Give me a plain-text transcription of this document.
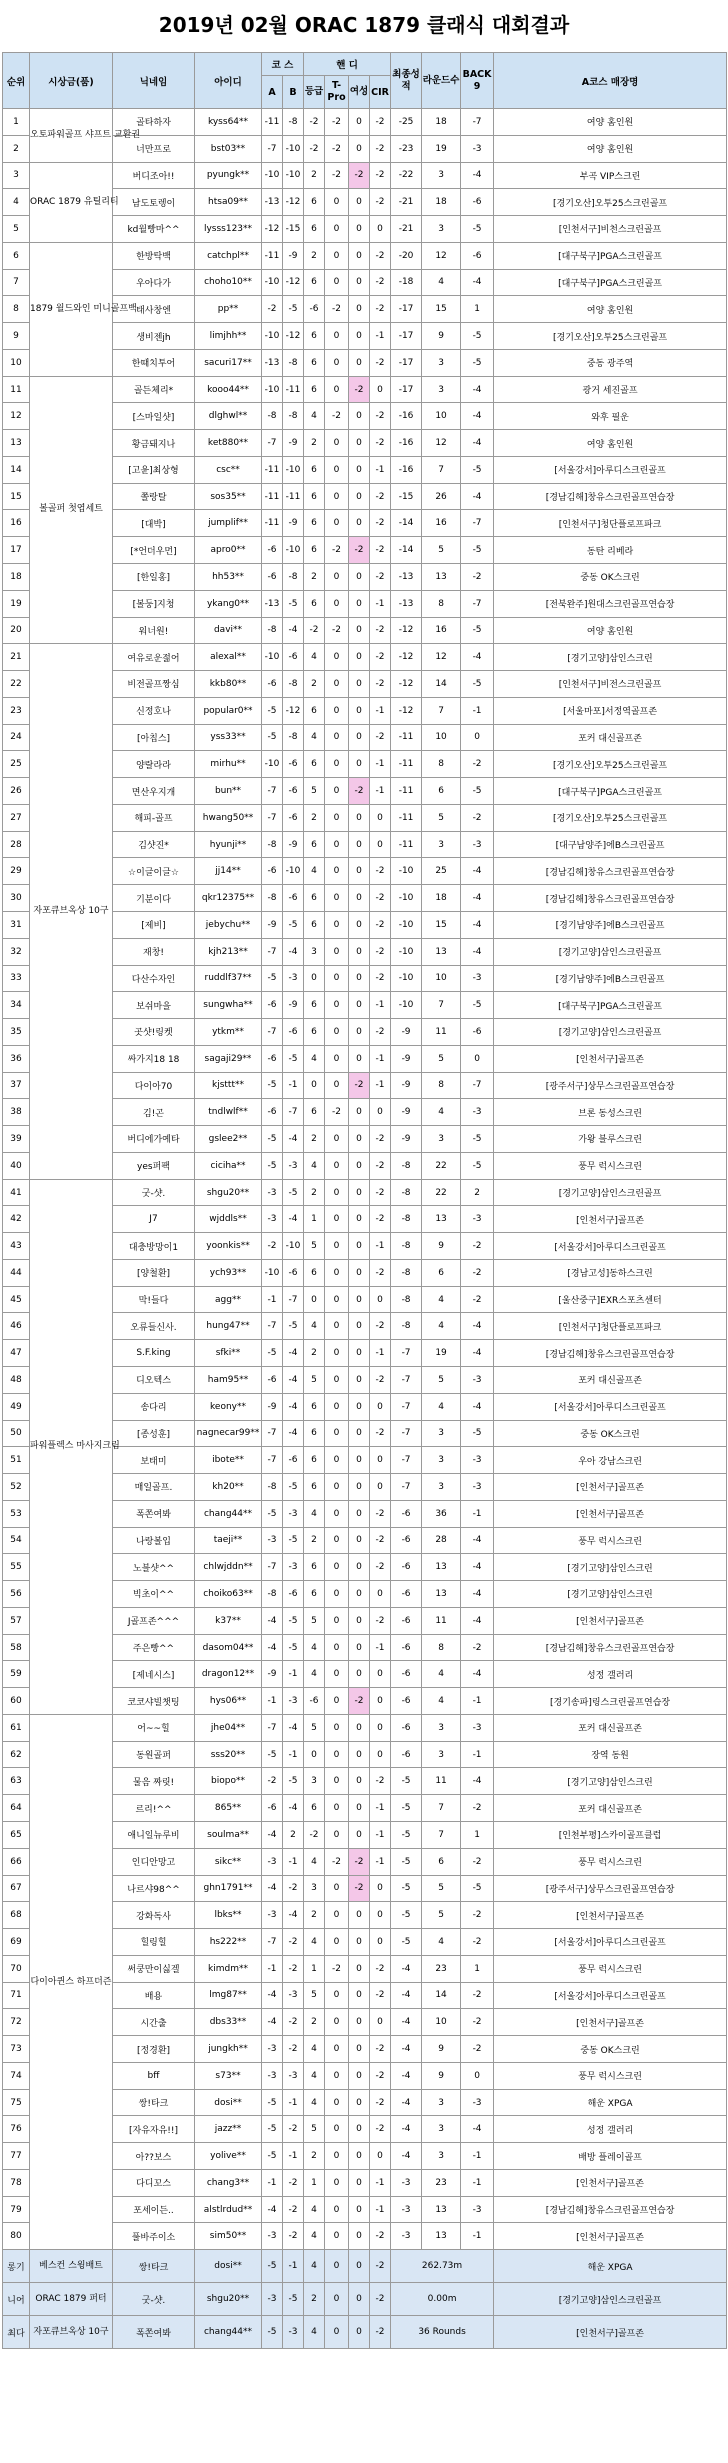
2019년 02월 ORAC 1879 클래식 대회결과
순위	시상금(품)	닉네임	아이디	코 스		핸 디				최종성적	라운드수	BACK 9	A코스 매장명
				A	B	등급	T-Pro	여성	CIR				
1	오토파워골프 샤프트 교환권	골타하자	kyss64**	-11	-8	-2	-2	0	-2	-25	18	-7	여양 홈인원
2		너만프로	bst03**	-7	-10	-2	-2	0	-2	-23	19	-3	여양 홈인원
3	ORAC 1879 유틸리티	버디조아!!	pyungk**	-10	-10	2	-2	-2	-2	-22	3	-4	부곡 VIP스크린
4		남도토렝이	htsa09**	-13	-12	6	0	0	-2	-21	18	-6	[경기오산]오투25스크린골프
5		kd월빵마^^	lysss123**	-12	-15	6	0	0	0	-21	3	-5	[인천서구]비천스크린골프
6	1879 월드와인 미니골프백	한방탁백	catchpl**	-11	-9	2	0	0	-2	-20	12	-6	[대구북구]PGA스크린골프
7		우아다가	choho10**	-10	-12	6	0	0	-2	-18	4	-4	[대구북구]PGA스크린골프
8		태사창엔	pp**	-2	-5	-6	-2	0	-2	-17	15	1	여양 홈인원
9		생비젠jh	limjhh**	-10	-12	6	0	0	-1	-17	9	-5	[경기오산]오투25스크린골프
10		한때치투어	sacuri17**	-13	-8	6	0	0	-2	-17	3	-5	중동 광주역
11	볼골퍼 첫엽세트	골든체리*	kooo44**	-10	-11	6	0	-2	0	-17	3	-4	광거 세진골프
12		[스마일샷]	dlghwl**	-8	-8	4	-2	0	-2	-16	10	-4	와후 필운
13		황금돼지나	ket880**	-7	-9	2	0	0	-2	-16	12	-4	여양 홈인원
14		[고윤]최상형	csc**	-11	-10	6	0	0	-1	-16	7	-5	[서울강서]아루디스크린골프
15		쫄랑탈	sos35**	-11	-11	6	0	0	-2	-15	26	-4	[경남김해]창유스크린골프연습장
16		[대박]	jumplif**	-11	-9	6	0	0	-2	-14	16	-7	[인천서구]청단플로프파크
17		[*언더우먼]	apro0**	-6	-10	6	-2	-2	-2	-14	5	-5	동탄 리베라
18		[한일홍]	hh53**	-6	-8	2	0	0	-2	-13	13	-2	중동 OK스크린
19		[볼둥]지청	ykang0**	-13	-5	6	0	0	-1	-13	8	-7	[전북완주]원대스크린골프연습장
20		워너원!	davi**	-8	-4	-2	-2	0	-2	-12	16	-5	여양 홈인원
21	자포큐브옥상 10구	여유로운젊어	alexal**	-10	-6	4	0	0	-2	-12	12	-4	[경기고양]삼인스크린
22		비전골프짱심	kkb80**	-6	-8	2	0	0	-2	-12	14	-5	[인천서구]비전스크린골프
23		신정호나	popular0**	-5	-12	6	0	0	-1	-12	7	-1	[서울마포]서정역골프존
24		[아칩스]	yss33**	-5	-8	4	0	0	-2	-11	10	0	포커 대신골프존
25		양랄라라	mirhu**	-10	-6	6	0	0	-1	-11	8	-2	[경기오산]오투25스크린골프
26		면산우지개	bun**	-7	-6	5	0	-2	-1	-11	6	-5	[대구북구]PGA스크린골프
27		해피-골프	hwang50**	-7	-6	2	0	0	0	-11	5	-2	[경기오산]오투25스크린골프
28		김샷진*	hyunji**	-8	-9	6	0	0	0	-11	3	-3	[대구남양주]에B스크린골프
29		☆이글이글☆	jj14**	-6	-10	4	0	0	-2	-10	25	-4	[경남김해]창유스크린골프연습장
30		기분이다	qkr12375**	-8	-6	6	0	0	-2	-10	18	-4	[경남김해]창유스크린골프연습장
31		[제비]	jebychu**	-9	-5	6	0	0	-2	-10	15	-4	[경기남양주]에B스크린골프
32		재창!	kjh213**	-7	-4	3	0	0	-2	-10	13	-4	[경기고양]삼인스크린골프
33		다산수자인	ruddlf37**	-5	-3	0	0	0	-2	-10	10	-3	[경기남양주]에B스크린골프
34		보쉬마을	sungwha**	-6	-9	6	0	0	-1	-10	7	-5	[대구북구]PGA스크린골프
35		곳샷!링켓	ytkm**	-7	-6	6	0	0	-2	-9	11	-6	[경기고양]삼인스크린골프
36		싸가지18 18	sagaji29**	-6	-5	4	0	0	-1	-9	5	0	[인천서구]골프존
37		다이아70	kjsttt**	-5	-1	0	0	-2	-1	-9	8	-7	[광주서구]상무스크린골프연습장
38		김!곤	tndlwlf**	-6	-7	6	-2	0	0	-9	4	-3	브론 동성스크린
39		버디에가예타	gslee2**	-5	-4	2	0	0	-2	-9	3	-5	가왕 블루스크린
40		yes퍼팩	ciciha**	-5	-3	4	0	0	-2	-8	22	-5	풍무 럭시스크린
41	파워플렉스 마사지크림	굿-샷.	shgu20**	-3	-5	2	0	0	-2	-8	22	2	[경기고양]삼인스크린골프
42		J7	wjddls**	-3	-4	1	0	0	-2	-8	13	-3	[인천서구]골프존
43		대충방망이1	yoonkis**	-2	-10	5	0	0	-1	-8	9	-2	[서울강서]아루디스크린골프
44		[양철환]	ych93**	-10	-6	6	0	0	-2	-8	6	-2	[경남고성]동하스크린
45		막!들다	agg**	-1	-7	0	0	0	0	-8	4	-2	[울산중구]EXR스포츠센터
46		오류들신사.	hung47**	-7	-5	4	0	0	-2	-8	4	-4	[인천서구]청단플로프파크
47		S.F.king	sfki**	-5	-4	2	0	0	-1	-7	19	-4	[경남김해]창유스크린골프연습장
48		디오텍스	ham95**	-6	-4	5	0	0	-2	-7	5	-3	포커 대신골프존
49		송다리	keony**	-9	-4	6	0	0	0	-7	4	-4	[서울강서]아루디스크린골프
50		[종성훈]	nagnecar99**	-7	-4	6	0	0	-2	-7	3	-5	중동 OK스크린
51		보태미	ibote**	-7	-6	6	0	0	0	-7	3	-3	우아 강남스크린
52		매일골프.	kh20**	-8	-5	6	0	0	0	-7	3	-3	[인천서구]골프존
53		폭쫀여봐	chang44**	-5	-3	4	0	0	-2	-6	36	-1	[인천서구]골프존
54		나랑볼입	taeji**	-3	-5	2	0	0	-2	-6	28	-4	풍무 럭시스크린
55		노블샷^^	chlwjddn**	-7	-3	6	0	0	-2	-6	13	-4	[경기고양]삼인스크린
56		빅초이^^	choiko63**	-8	-6	6	0	0	0	-6	13	-4	[경기고양]삼인스크린
57		J골프존^^^	k37**	-4	-5	5	0	0	-2	-6	11	-4	[인천서구]골프존
58		주은빵^^	dasom04**	-4	-5	4	0	0	-1	-6	8	-2	[경남김해]창유스크린골프연습장
59		[제네시스]	dragon12**	-9	-1	4	0	0	0	-6	4	-4	성정 갤러리
60		코코샤빌챗팅	hys06**	-1	-3	-6	0	-2	0	-6	4	-1	[경기송파]링스크린골프연습장
61	다이아퀸스 하프더즌	어~~힐	jhe04**	-7	-4	5	0	0	0	-6	3	-3	포커 대신골프존
62		동원골퍼	sss20**	-5	-1	0	0	0	0	-6	3	-1	장역 동원
63		물음 짜릿!	biopo**	-2	-5	3	0	0	-2	-5	11	-4	[경기고양]삼인스크린
64		르리!^^	865**	-6	-4	6	0	0	-1	-5	7	-2	포커 대신골프존
65		애니일뉴루비	soulma**	-4	2	-2	0	0	-1	-5	7	1	[인천부평]스카이골프클럽
66		인디안망고	sikc**	-3	-1	4	-2	-2	-1	-5	6	-2	풍무 럭시스크린
67		나르샤98^^	ghn1791**	-4	-2	3	0	-2	0	-5	5	-5	[광주서구]상무스크린골프연습장
68		강화독사	lbks**	-3	-4	2	0	0	0	-5	5	-2	[인천서구]골프존
69		힐링힐	hs222**	-7	-2	4	0	0	0	-5	4	-2	[서울강서]아루디스크린골프
70		써쿵만이싫겔	kimdm**	-1	-2	1	-2	0	-2	-4	23	1	풍무 럭시스크린
71		배용	lmg87**	-4	-3	5	0	0	-2	-4	14	-2	[서울강서]아루디스크린골프
72		시간출	dbs33**	-4	-2	2	0	0	0	-4	10	-2	[인천서구]골프존
73		[정경환]	jungkh**	-3	-2	4	0	0	-2	-4	9	-2	중동 OK스크린
74		bff	s73**	-3	-3	4	0	0	-2	-4	9	0	풍무 럭시스크린
75		쌍!타크	dosi**	-5	-1	4	0	0	-2	-4	3	-3	해운 XPGA
76		[자유자유!!]	jazz**	-5	-2	5	0	0	-2	-4	3	-4	성정 갤러리
77		아??보스	yolive**	-5	-1	2	0	0	0	-4	3	-1	배방 플레이골프
78		다디꼬스	chang3**	-1	-2	1	0	0	-1	-3	23	-1	[인천서구]골프존
79		포세이든..	alstlrdud**	-4	-2	4	0	0	-1	-3	13	-3	[경남김해]창유스크린골프연습장
80		풀바주이소	sim50**	-3	-2	4	0	0	-2	-3	13	-1	[인천서구]골프존
롱기	베스컨 스윙배트	쌍!타크	dosi**	-5	-1	4	0	0	-2	262.73m			해운 XPGA
니어	ORAC 1879 퍼터	굿-샷.	shgu20**	-3	-5	2	0	0	-2	0.00m			[경기고양]삼인스크린골프
최다	자포큐브옥상 10구	폭쫀여봐	chang44**	-5	-3	4	0	0	-2	36 Rounds			[인천서구]골프존
